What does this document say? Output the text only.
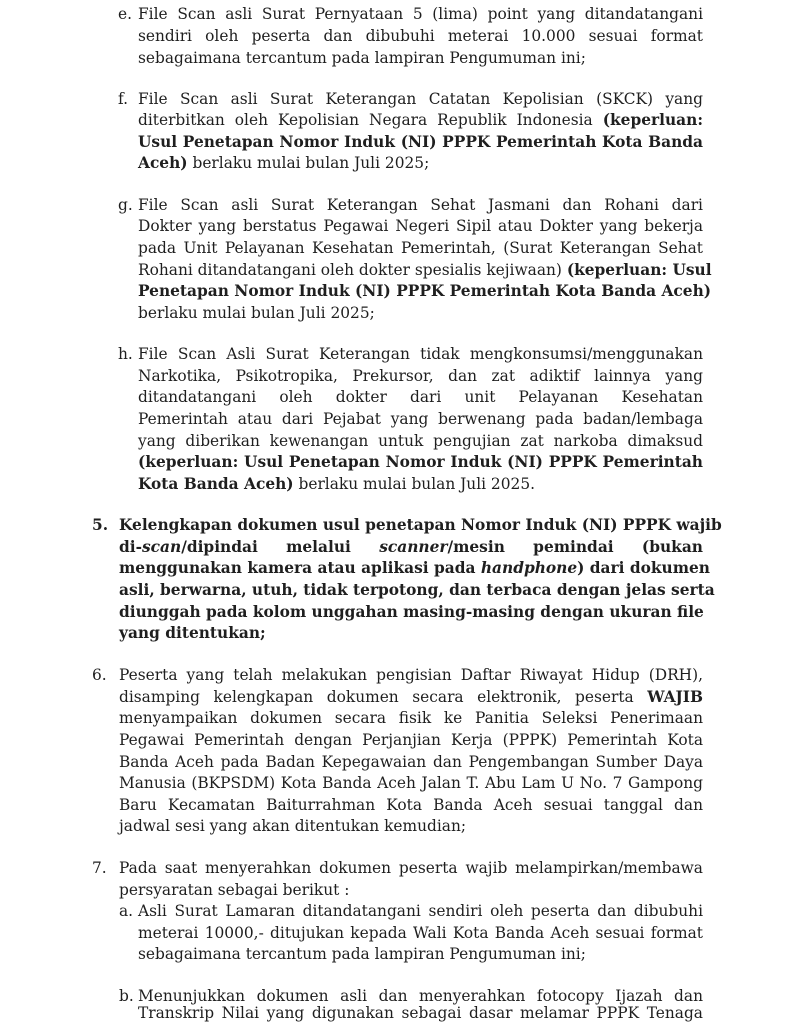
e. File Scan asli Surat Pernyataan 5 (lima) point yang ditandatangani
sendiri oleh peserta dan dibubuhi meterai 10.000 sesuai format
sebagaimana tercantum pada lampiran Pengumuman ini;
f. File Scan asli Surat Keterangan Catatan Kepolisian (SKCK) yang
diterbitkan oleh Kepolisian Negara Republik Indonesia (keperluan:
Usul Penetapan Nomor Induk (NI) PPPK Pemerintah Kota Banda
Aceh) berlaku mulai bulan Juli 2025;
g. File Scan asli Surat Keterangan Sehat Jasmani dan Rohani dari
Dokter yang berstatus Pegawai Negeri Sipil atau Dokter yang bekerja
pada Unit Pelayanan Kesehatan Pemerintah, (Surat Keterangan Sehat
Rohani ditandatangani oleh dokter spesialis kejiwaan) (keperluan: Usul
Penetapan Nomor Induk (NI) PPPK Pemerintah Kota Banda Aceh)
berlaku mulai bulan Juli 2025;
h. File Scan Asli Surat Keterangan tidak mengkonsumsi/menggunakan
Narkotika, Psikotropika, Prekursor, dan zat adiktif lainnya yang
ditandatangani oleh dokter dari unit Pelayanan Kesehatan
Pemerintah atau dari Pejabat yang berwenang pada badan/lembaga
yang diberikan kewenangan untuk pengujian zat narkoba dimaksud
(keperluan: Usul Penetapan Nomor Induk (NI) PPPK Pemerintah
Kota Banda Aceh) berlaku mulai bulan Juli 2025.
5. Kelengkapan dokumen usul penetapan Nomor Induk (NI) PPPK wajib
di-scan/dipindai melalui scanner/mesin pemindai (bukan
menggunakan kamera atau aplikasi pada handphone) dari dokumen
asli, berwarna, utuh, tidak terpotong, dan terbaca dengan jelas serta
diunggah pada kolom unggahan masing-masing dengan ukuran file
yang ditentukan;
6. Peserta yang telah melakukan pengisian Daftar Riwayat Hidup (DRH),
disamping kelengkapan dokumen secara elektronik, peserta WAJIB
menyampaikan dokumen secara fisik ke Panitia Seleksi Penerimaan
Pegawai Pemerintah dengan Perjanjian Kerja (PPPK) Pemerintah Kota
Banda Aceh pada Badan Kepegawaian dan Pengembangan Sumber Daya
Manusia (BKPSDM) Kota Banda Aceh Jalan T. Abu Lam U No. 7 Gampong
Baru Kecamatan Baiturrahman Kota Banda Aceh sesuai tanggal dan
jadwal sesi yang akan ditentukan kemudian;
7. Pada saat menyerahkan dokumen peserta wajib melampirkan/membawa
persyaratan sebagai berikut :
a. Asli Surat Lamaran ditandatangani sendiri oleh peserta dan dibubuhi
meterai 10000,- ditujukan kepada Wali Kota Banda Aceh sesuai format
sebagaimana tercantum pada lampiran Pengumuman ini;
b. Menunjukkan dokumen asli dan menyerahkan fotocopy Ijazah dan
Transkrip Nilai yang digunakan sebagai dasar melamar PPPK Tenaga
